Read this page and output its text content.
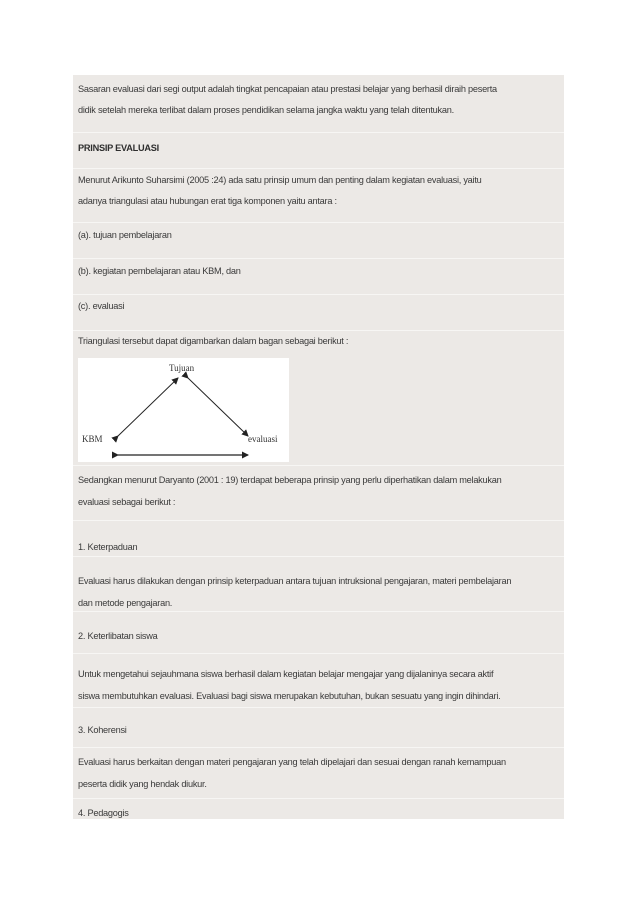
Sasaran evaluasi dari segi output adalah tingkat pencapaian atau prestasi belajar yang berhasil diraih peserta
didik setelah mereka terlibat dalam proses pendidikan selama jangka waktu yang telah ditentukan.
PRINSIP EVALUASI
Menurut Arikunto Suharsimi (2005 :24) ada satu prinsip umum dan penting dalam kegiatan evaluasi, yaitu
adanya triangulasi atau hubungan erat tiga komponen yaitu antara :
(a). tujuan pembelajaran
(b). kegiatan pembelajaran atau KBM, dan
(c). evaluasi
Triangulasi tersebut dapat digambarkan dalam bagan sebagai berikut :
Tujuan
KBM	evaluasi
Sedangkan menurut Daryanto (2001 : 19) terdapat beberapa prinsip yang perlu diperhatikan dalam melakukan
evaluasi sebagai berikut :
1. Keterpaduan
Evaluasi harus dilakukan dengan prinsip keterpaduan antara tujuan intruksional pengajaran, materi pembelajaran
dan metode pengajaran.
2. Keterlibatan siswa
Untuk mengetahui sejauhmana siswa berhasil dalam kegiatan belajar mengajar yang dijalaninya secara aktif
siswa membutuhkan evaluasi. Evaluasi bagi siswa merupakan kebutuhan, bukan sesuatu yang ingin dihindari.
3. Koherensi
Evaluasi harus berkaitan dengan materi pengajaran yang telah dipelajari dan sesuai dengan ranah kemampuan
peserta didik yang hendak diukur.
4. Pedagogis
